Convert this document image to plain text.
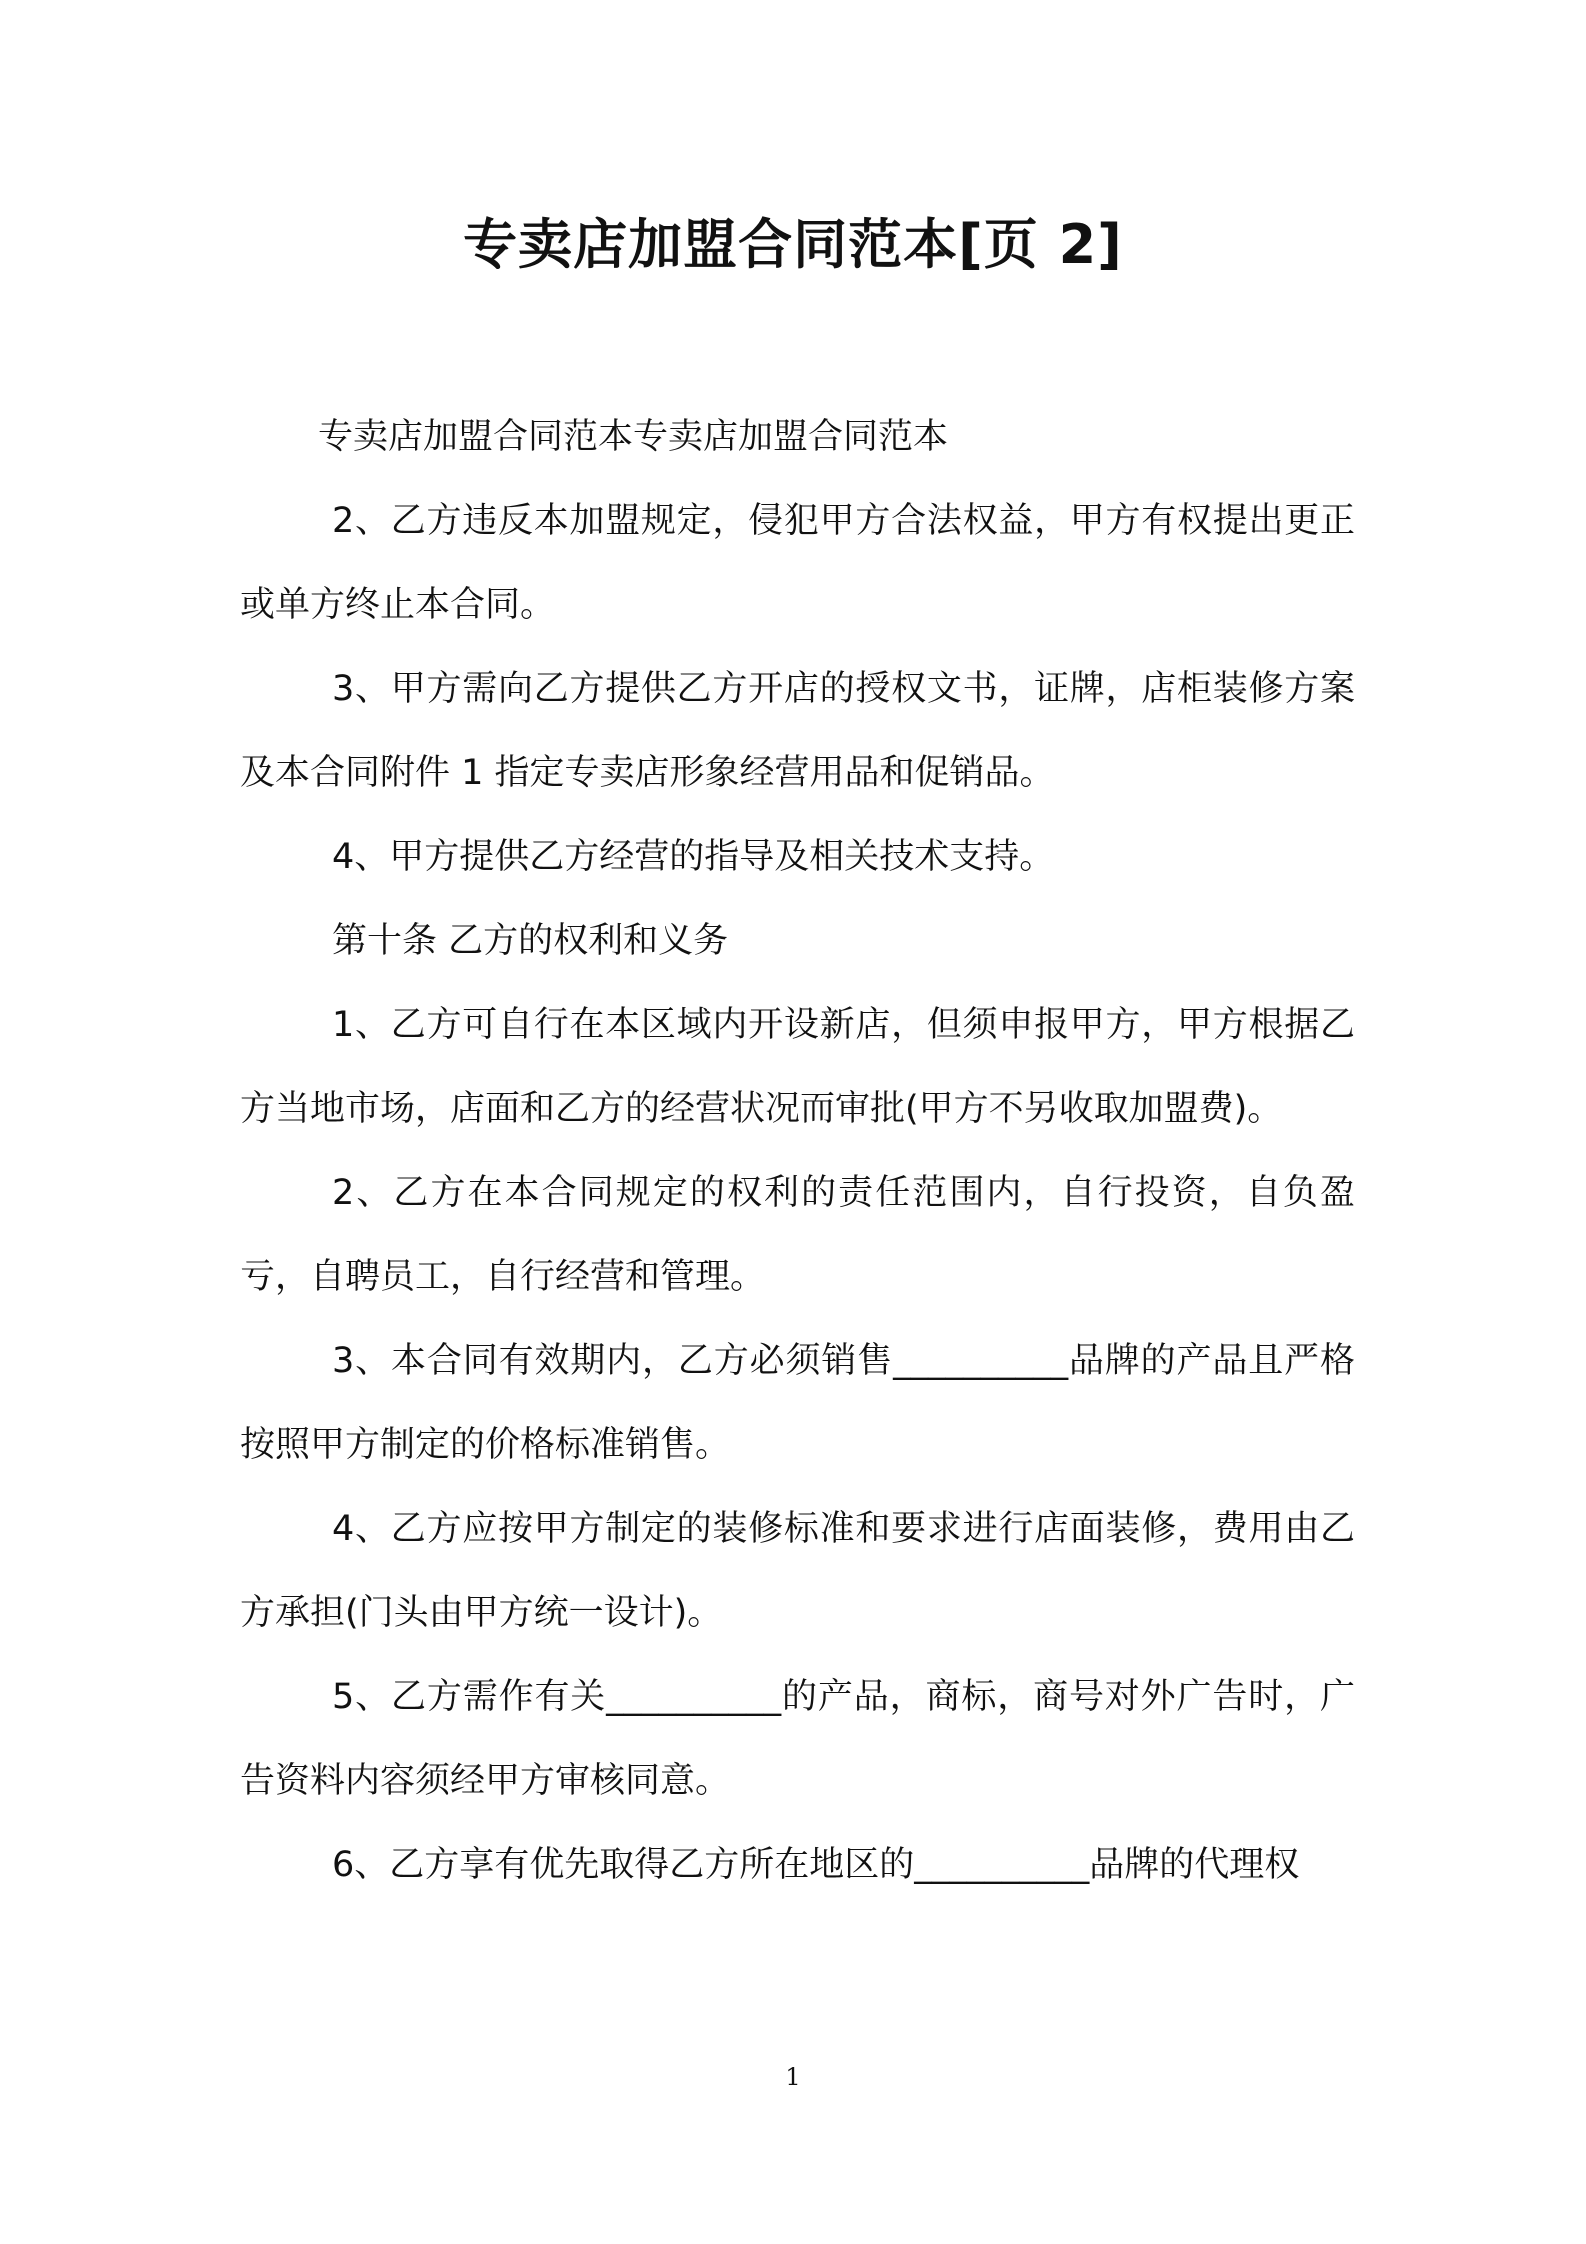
专卖店加盟合同范本[页 2]

专卖店加盟合同范本专卖店加盟合同范本

2、乙方违反本加盟规定，侵犯甲方合法权益，甲方有权提出更正或单方终止本合同。

3、甲方需向乙方提供乙方开店的授权文书，证牌，店柜装修方案及本合同附件 1 指定专卖店形象经营用品和促销品。

4、甲方提供乙方经营的指导及相关技术支持。

第十条 乙方的权利和义务

1、乙方可自行在本区域内开设新店，但须申报甲方，甲方根据乙方当地市场，店面和乙方的经营状况而审批(甲方不另收取加盟费)。

2、乙方在本合同规定的权利的责任范围内，自行投资，自负盈亏，自聘员工，自行经营和管理。

3、本合同有效期内，乙方必须销售__________品牌的产品且严格按照甲方制定的价格标准销售。

4、乙方应按甲方制定的装修标准和要求进行店面装修，费用由乙方承担(门头由甲方统一设计)。

5、乙方需作有关__________的产品，商标，商号对外广告时，广告资料内容须经甲方审核同意。

6、乙方享有优先取得乙方所在地区的__________品牌的代理权

1
